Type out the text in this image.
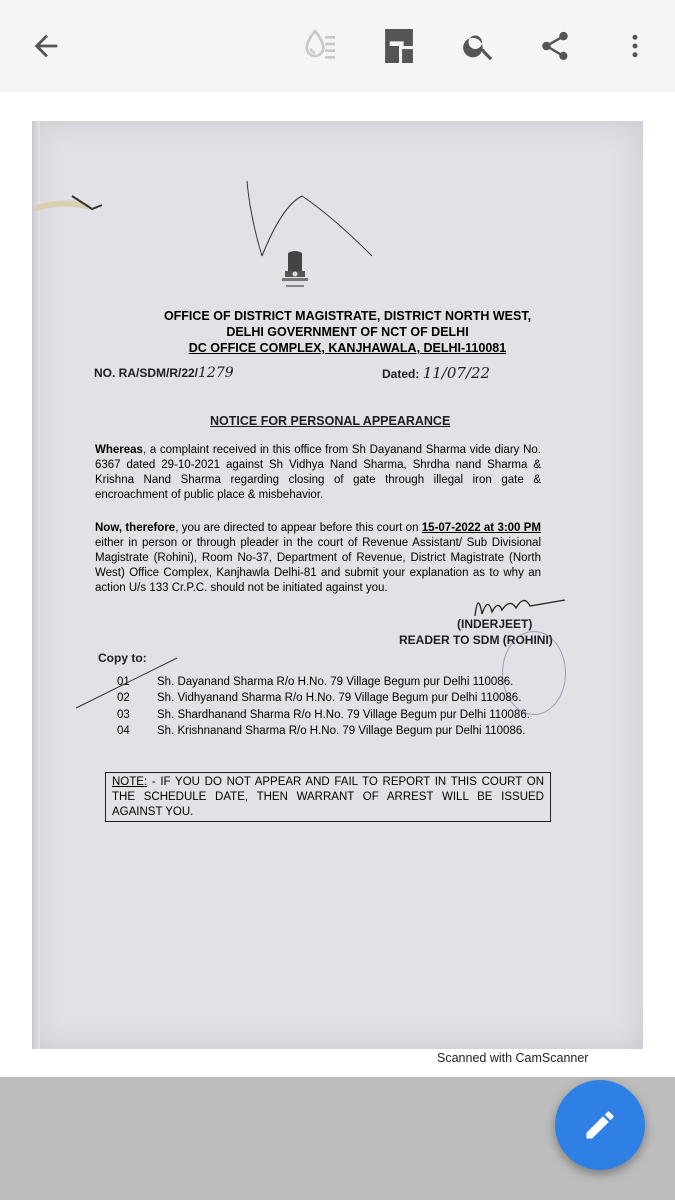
OFFICE OF DISTRICT MAGISTRATE, DISTRICT NORTH WEST,
DELHI GOVERNMENT OF NCT OF DELHI
DC OFFICE COMPLEX, KANJHAWALA, DELHI-110081
NO. RA/SDM/R/22/1279	Dated: 11/07/22
NOTICE FOR PERSONAL APPEARANCE
Whereas, a complaint received in this office from Sh Dayanand Sharma vide diary No. 6367 dated 29-10-2021 against Sh Vidhya Nand Sharma, Shrdha nand Sharma & Krishna Nand Sharma regarding closing of gate through illegal iron gate & encroachment of public place & misbehavior.
Now, therefore, you are directed to appear before this court on 15-07-2022 at 3:00 PM either in person or through pleader in the court of Revenue Assistant/ Sub Divisional Magistrate (Rohini), Room No-37, Department of Revenue, District Magistrate (North West) Office Complex, Kanjhawla Delhi-81 and submit your explanation as to why an action U/s 133 Cr.P.C. should not be initiated against you.
(INDERJEET)
READER TO SDM (ROHINI)
Copy to:
01 Sh. Dayanand Sharma R/o H.No. 79 Village Begum pur Delhi 110086.
02 Sh. Vidhyanand Sharma R/o H.No. 79 Village Begum pur Delhi 110086.
03 Sh. Shardhanand Sharma R/o H.No. 79 Village Begum pur Delhi 110086.
04 Sh. Krishnanand Sharma R/o H.No. 79 Village Begum pur Delhi 110086.
NOTE: - IF YOU DO NOT APPEAR AND FAIL TO REPORT IN THIS COURT ON THE SCHEDULE DATE, THEN WARRANT OF ARREST WILL BE ISSUED AGAINST YOU.
Scanned with CamScanner
